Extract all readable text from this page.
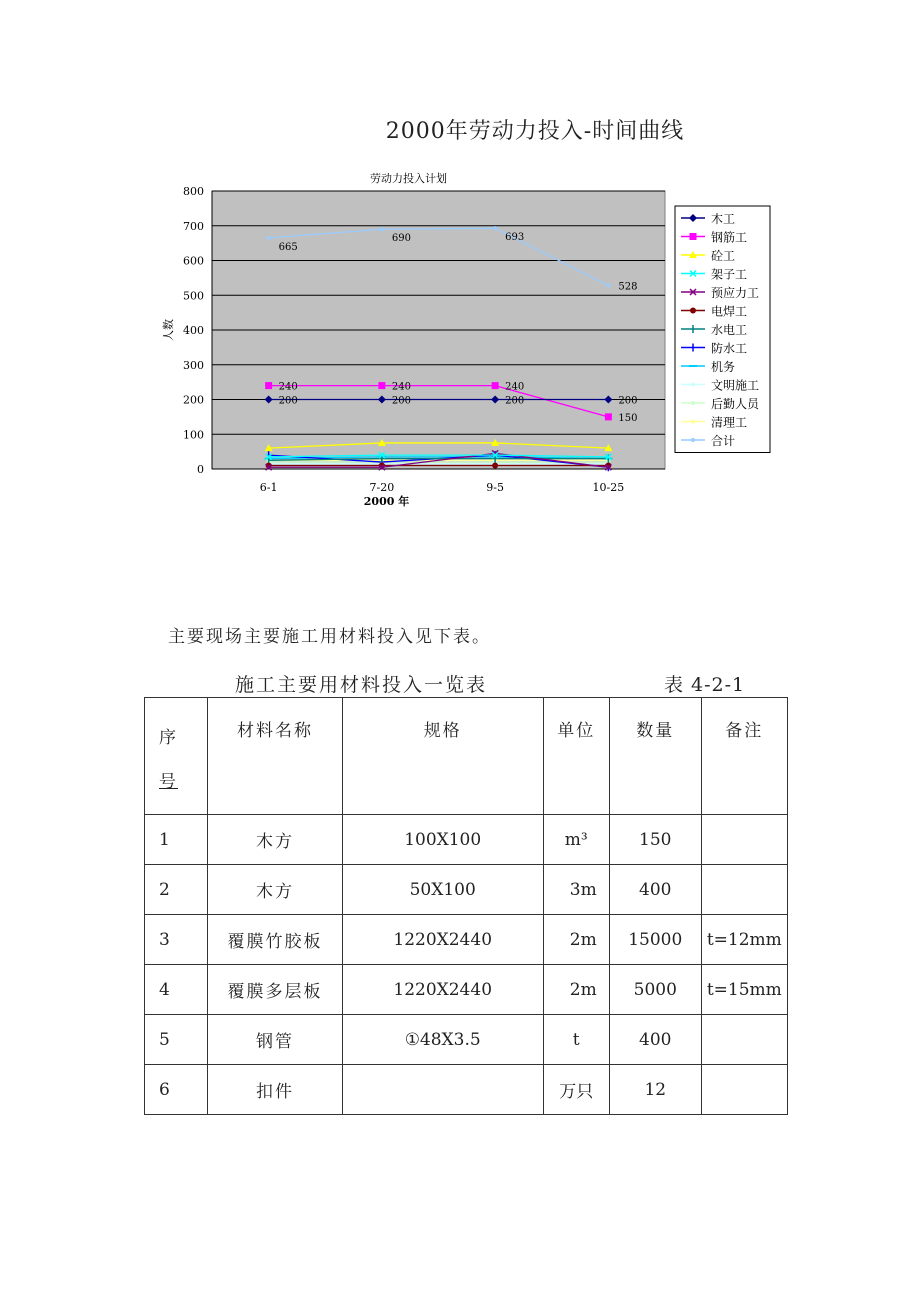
2000年劳动力投入-时间曲线
0
100
200
300
400
500
600
700
800
6-1	7-20	9-5	10-25
劳动力投入计划
2000 年
人数
665
690	693
528
240	240	240
150
200	200	200	200
木工
钢筋工
砼工
架子工
预应力工
电焊工
水电工
防水工
机务
文明施工
后勤人员
清理工
合计
主要现场主要施工用材料投入见下表。
施工主要用材料投入一览表	表 4-2-1
序
号	材料名称	规格	单位	数量	备注
1	木方	100X100	m³	150	
2	木方	50X100	3m	400	
3	覆膜竹胶板	1220X2440	2m	15000	t=12mm
4	覆膜多层板	1220X2440	2m	5000	t=15mm
5	钢管	①48X3.5	t	400	
6	扣件		万只	12	
